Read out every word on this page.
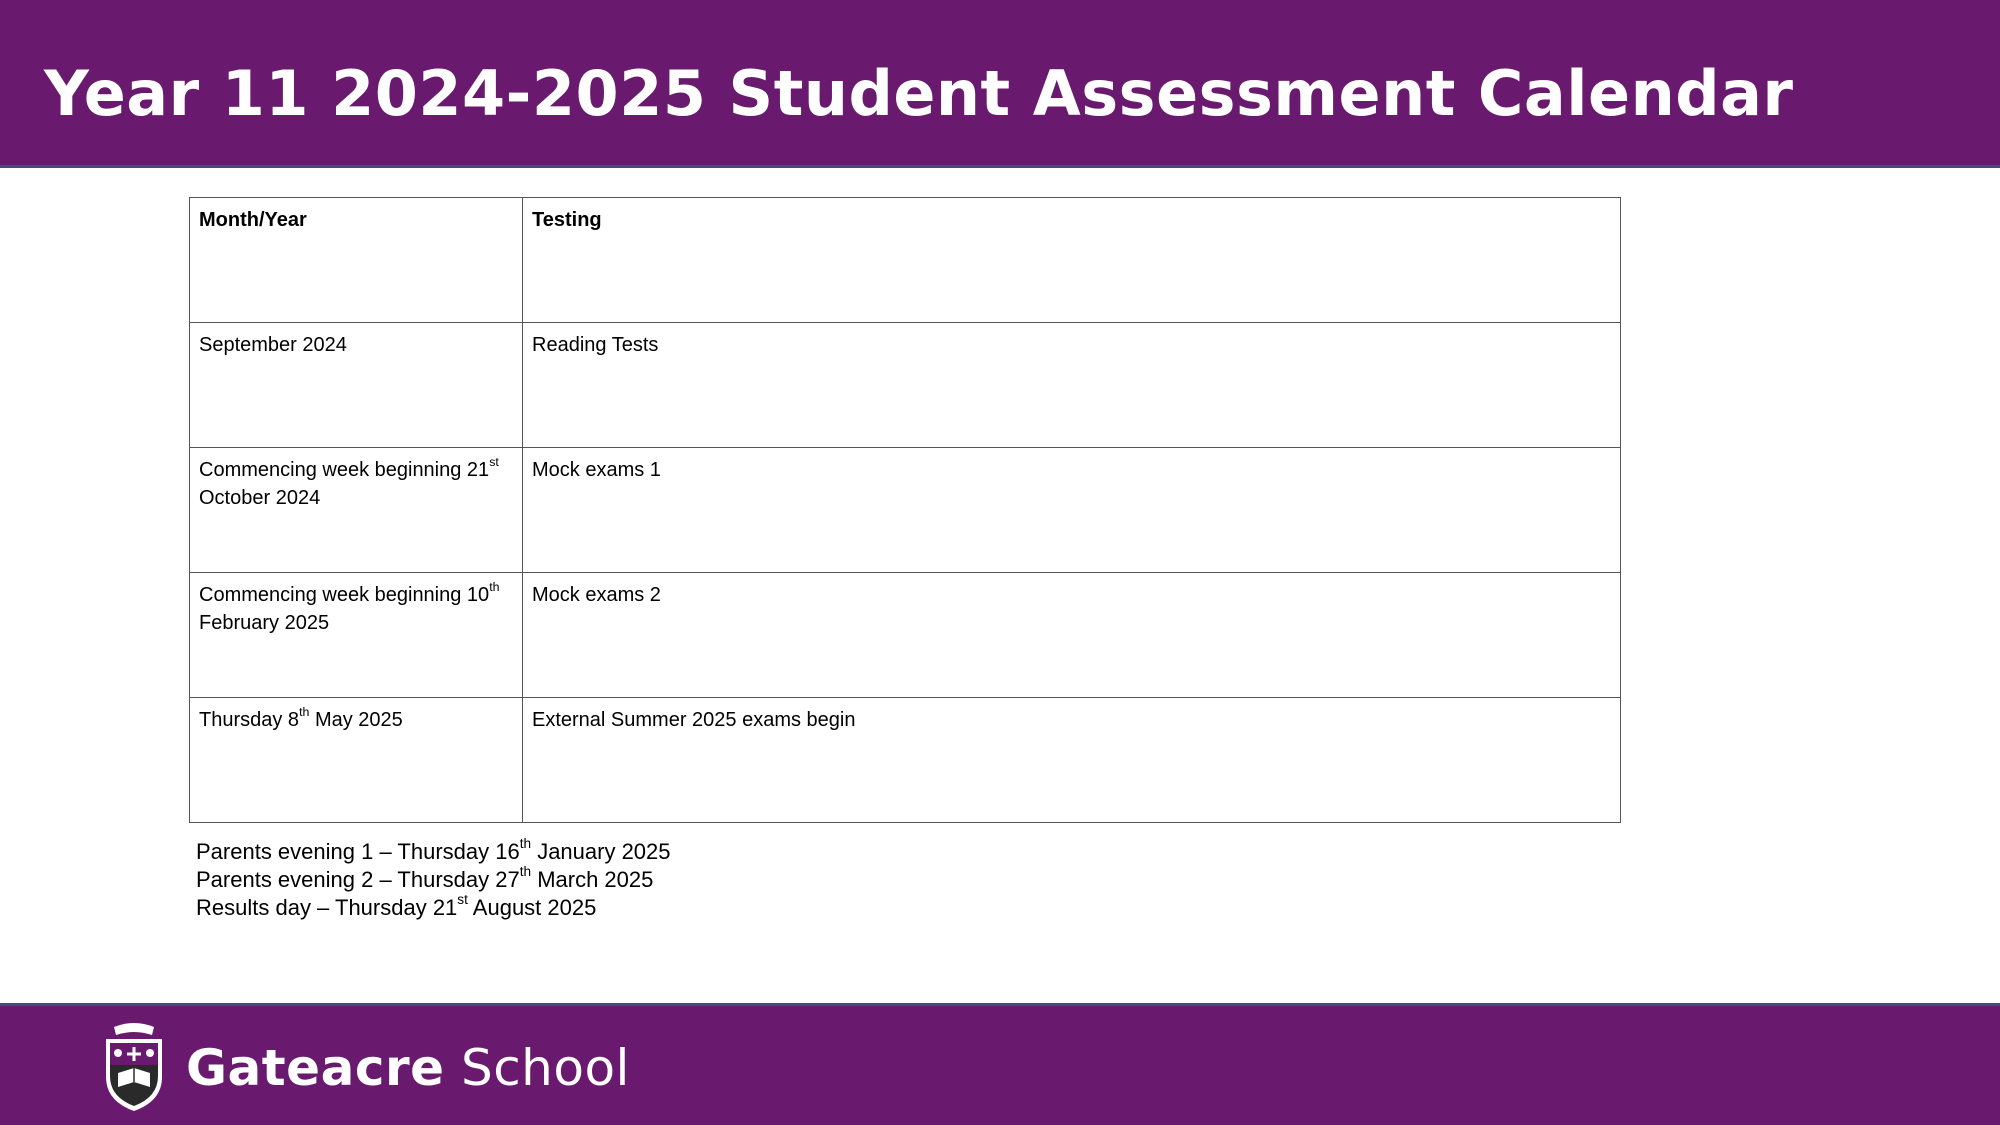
Year 11 2024-2025 Student Assessment Calendar
Month/Year	Testing
September 2024	Reading Tests
Commencing week beginning 21st October 2024	Mock exams 1
Commencing week beginning 10th February 2025	Mock exams 2
Thursday 8th May 2025	External Summer 2025 exams begin
Parents evening 1 – Thursday 16th January 2025
Parents evening 2 – Thursday 27th March 2025
Results day – Thursday 21st August 2025
Gateacre School
